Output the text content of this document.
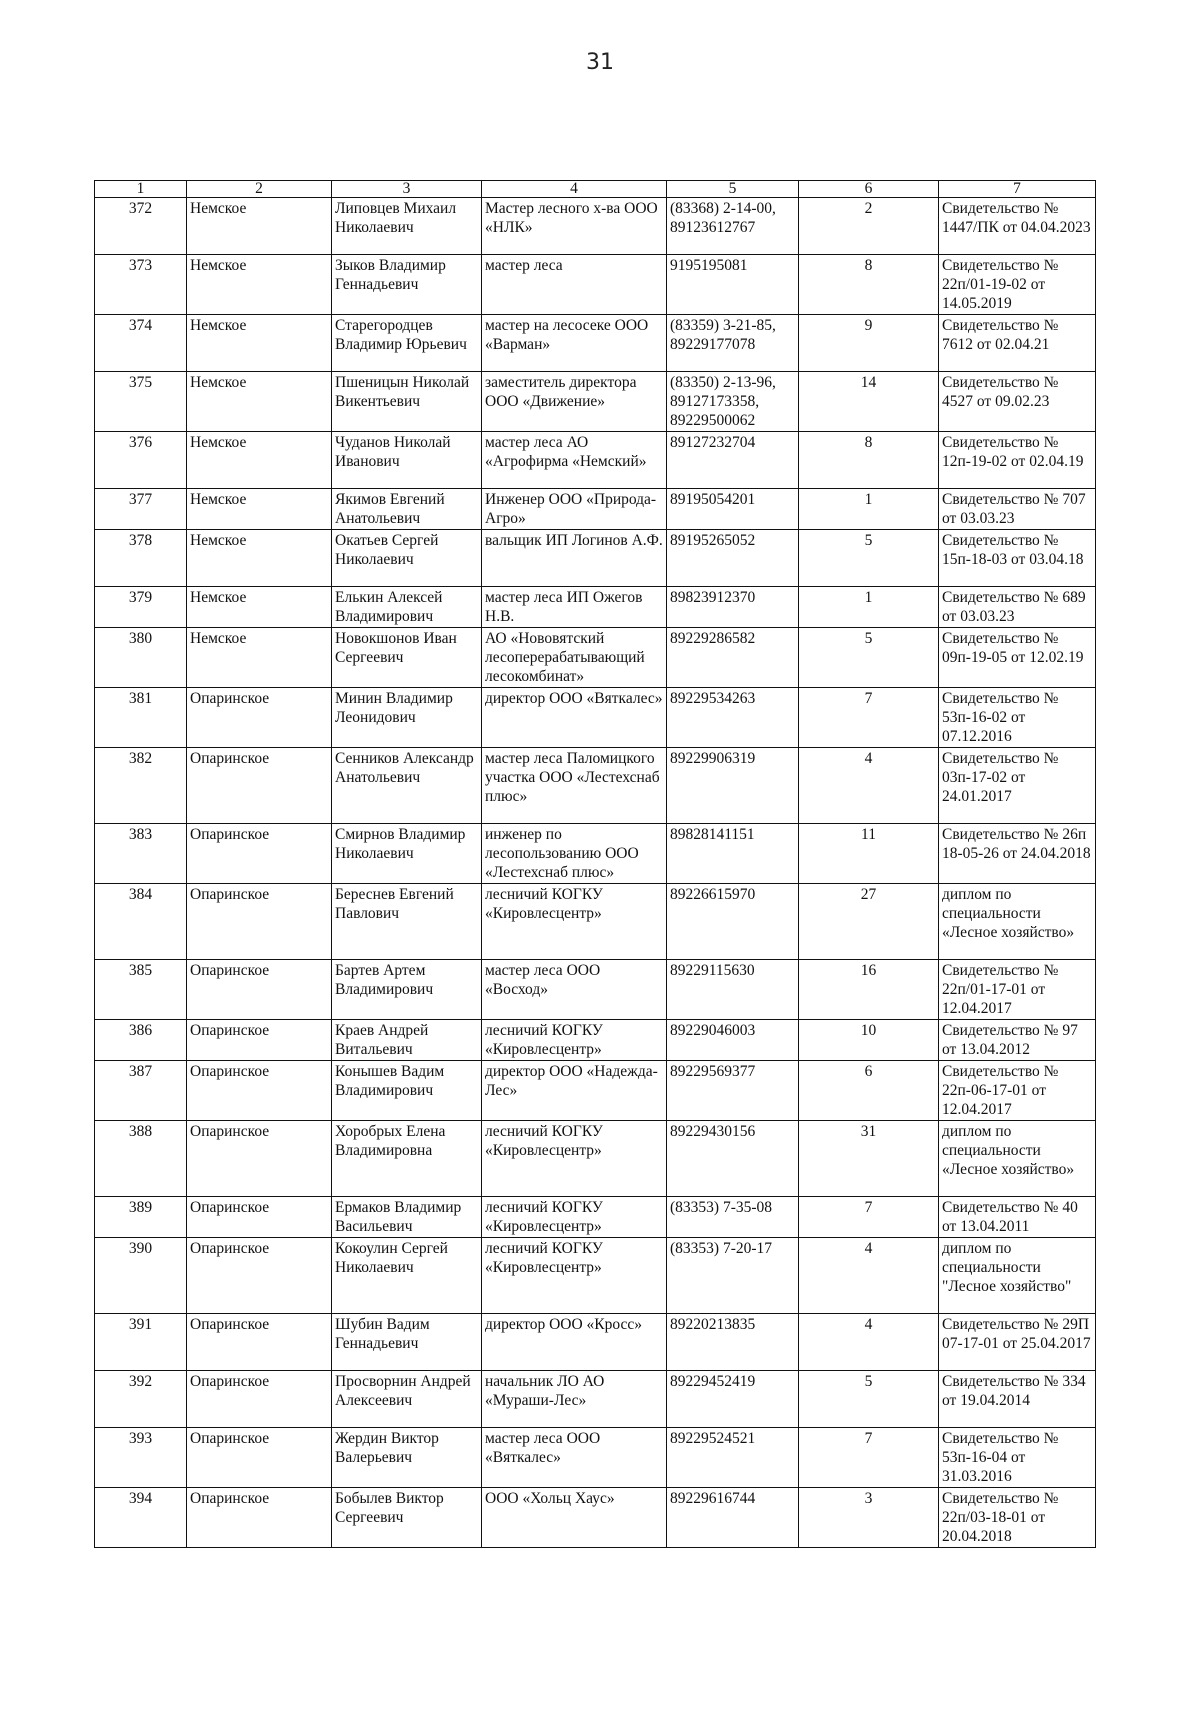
31
1	2	3	4	5	6	7
372	Немское	Липовцев Михаил Николаевич	Мастер лесного х-ва ООО «НЛК»	(83368) 2-14-00, 89123612767	2	Свидетельство № 1447/ПК от 04.04.2023
373	Немское	Зыков Владимир Геннадьевич	мастер леса	9195195081	8	Свидетельство № 22п/01-19-02 от 14.05.2019
374	Немское	Старегородцев Владимир Юрьевич	мастер на лесосеке ООО «Варман»	(83359) 3-21-85, 89229177078	9	Свидетельство № 7612 от 02.04.21
375	Немское	Пшеницын Николай Викентьевич	заместитель директора ООО «Движение»	(83350) 2-13-96, 89127173358, 89229500062	14	Свидетельство № 4527 от 09.02.23
376	Немское	Чуданов Николай Иванович	мастер леса АО «Агрофирма «Немский»	89127232704	8	Свидетельство № 12п-19-02 от 02.04.19
377	Немское	Якимов Евгений Анатольевич	Инженер ООО «Природа-Агро»	89195054201	1	Свидетельство № 707 от 03.03.23
378	Немское	Окатьев Сергей Николаевич	вальщик ИП Логинов А.Ф.	89195265052	5	Свидетельство № 15п-18-03 от 03.04.18
379	Немское	Елькин Алексей Владимирович	мастер леса ИП Ожегов Н.В.	89823912370	1	Свидетельство № 689 от 03.03.23
380	Немское	Новокшонов Иван Сергеевич	АО «Нововятский лесоперерабатывающий лесокомбинат»	89229286582	5	Свидетельство № 09п-19-05 от 12.02.19
381	Опаринское	Минин Владимир Леонидович	директор ООО «Вяткалес»	89229534263	7	Свидетельство № 53п-16-02 от 07.12.2016
382	Опаринское	Сенников Александр Анатольевич	мастер леса Паломицкого участка ООО «Лестехснаб плюс»	89229906319	4	Свидетельство № 03п-17-02 от 24.01.2017
383	Опаринское	Смирнов Владимир Николаевич	инженер по лесопользованию ООО «Лестехснаб плюс»	89828141151	11	Свидетельство № 26п 18-05-26 от 24.04.2018
384	Опаринское	Береснев Евгений Павлович	лесничий КОГКУ «Кировлесцентр»	89226615970	27	диплом по специальности «Лесное хозяйство»
385	Опаринское	Бартев Артем Владимирович	мастер леса ООО «Восход»	89229115630	16	Свидетельство № 22п/01-17-01 от 12.04.2017
386	Опаринское	Краев Андрей Витальевич	лесничий КОГКУ «Кировлесцентр»	89229046003	10	Свидетельство № 97 от 13.04.2012
387	Опаринское	Конышев Вадим Владимирович	директор ООО «Надежда-Лес»	89229569377	6	Свидетельство № 22п-06-17-01 от 12.04.2017
388	Опаринское	Хоробрых Елена Владимировна	лесничий КОГКУ «Кировлесцентр»	89229430156	31	диплом по специальности «Лесное хозяйство»
389	Опаринское	Ермаков Владимир Васильевич	лесничий КОГКУ «Кировлесцентр»	(83353) 7-35-08	7	Свидетельство № 40 от 13.04.2011
390	Опаринское	Кокоулин Сергей Николаевич	лесничий КОГКУ «Кировлесцентр»	(83353) 7-20-17	4	диплом по специальности "Лесное хозяйство"
391	Опаринское	Шубин Вадим Геннадьевич	директор ООО «Кросс»	89220213835	4	Свидетельство № 29П 07-17-01 от 25.04.2017
392	Опаринское	Просворнин Андрей Алексеевич	начальник ЛО АО «Мураши-Лес»	89229452419	5	Свидетельство № 334 от 19.04.2014
393	Опаринское	Жердин Виктор Валерьевич	мастер леса ООО «Вяткалес»	89229524521	7	Свидетельство № 53п-16-04 от 31.03.2016
394	Опаринское	Бобылев Виктор Сергеевич	ООО «Хольц Хаус»	89229616744	3	Свидетельство № 22п/03-18-01 от 20.04.2018
